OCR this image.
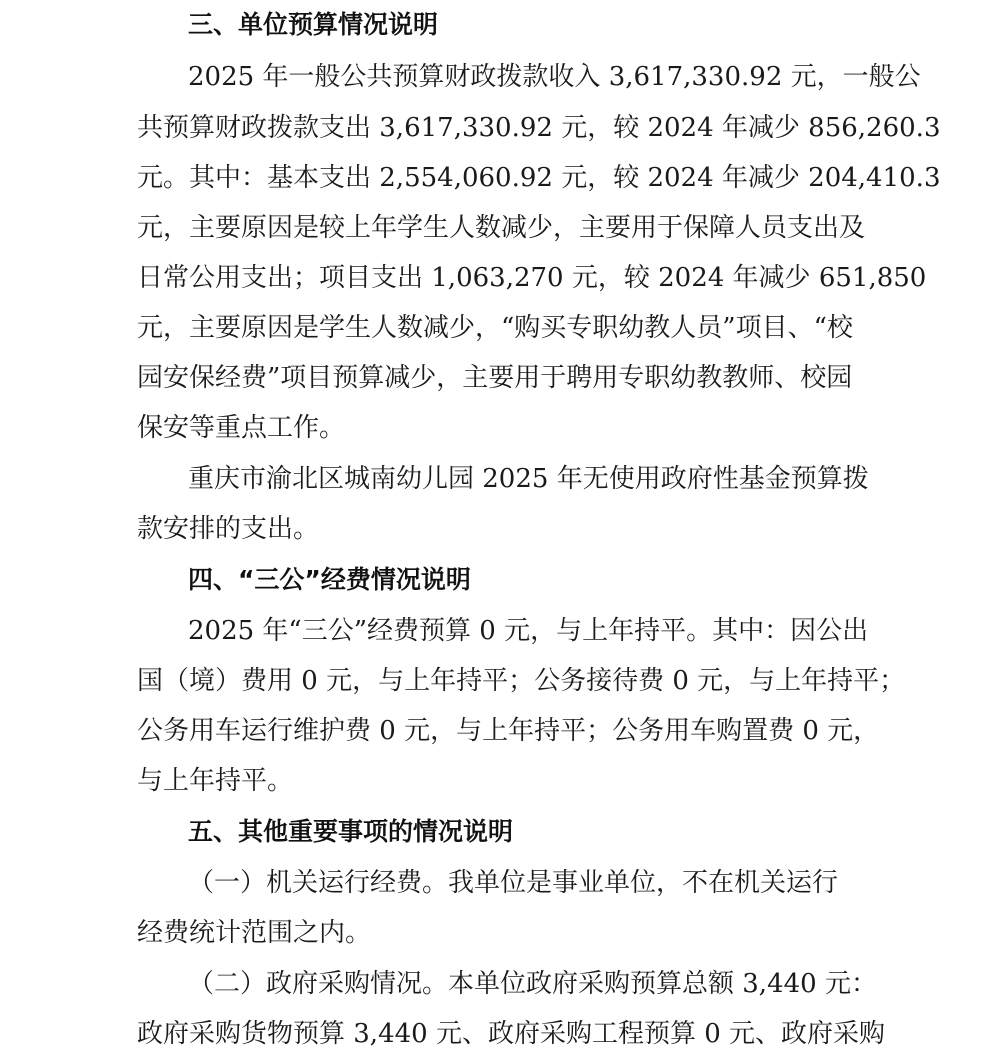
三、单位预算情况说明
2025 年一般公共预算财政拨款收入 3,617,330.92 元，一般公
共预算财政拨款支出 3,617,330.92 元，较 2024 年减少 856,260.3
元。其中：基本支出 2,554,060.92 元，较 2024 年减少 204,410.3
元，主要原因是较上年学生人数减少，主要用于保障人员支出及
日常公用支出；项目支出 1,063,270 元，较 2024 年减少 651,850
元，主要原因是学生人数减少，“购买专职幼教人员”项目、“校
园安保经费”项目预算减少，主要用于聘用专职幼教教师、校园
保安等重点工作。
重庆市渝北区城南幼儿园 2025 年无使用政府性基金预算拨
款安排的支出。
四、“三公”经费情况说明
2025 年“三公”经费预算 0 元，与上年持平。其中：因公出
国（境）费用 0 元，与上年持平；公务接待费 0 元，与上年持平；
公务用车运行维护费 0 元，与上年持平；公务用车购置费 0 元，
与上年持平。
五、其他重要事项的情况说明
（一）机关运行经费。我单位是事业单位，不在机关运行
经费统计范围之内。
（二）政府采购情况。本单位政府采购预算总额 3,440 元：
政府采购货物预算 3,440 元、政府采购工程预算 0 元、政府采购
